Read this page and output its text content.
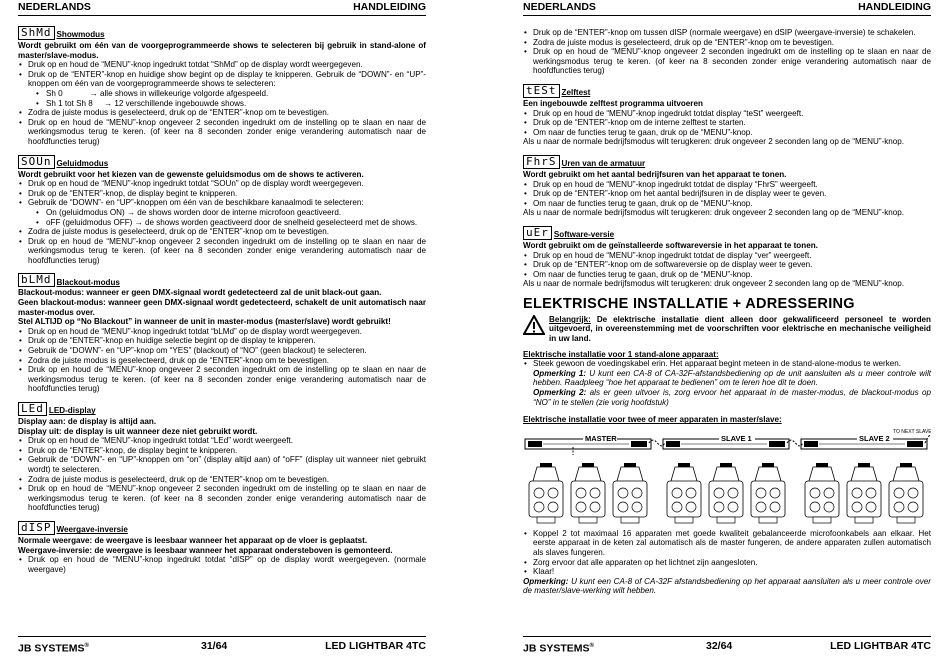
NEDERLANDS	HANDLEIDING
ShMd Showmodus

Wordt gebruikt om één van de voorgeprogrammeerde shows te selecteren bij gebruik in stand-alone of master/slave-modus.

• Druk op en houd de “MENU”-knop ingedrukt totdat “ShMd” op de display wordt weergegeven.
• Druk op de “ENTER”-knop en huidige show begint op de display te knipperen. Gebruik de “DOWN”- en “UP”-knoppen om één van de voorgeprogrammeerde shows te selecteren:
• Sh 0            → alle shows in willekeurige volgorde afgespeeld.
• Sh 1 tot Sh 8     → 12 verschillende ingebouwde shows.
• Zodra de juiste modus is geselecteerd, druk op de “ENTER”-knop om te bevestigen.
• Druk op en houd de “MENU”-knop ongeveer 2 seconden ingedrukt om de instelling op te slaan en naar de werkingsmodus terug te keren. (of keer na 8 seconden zonder enige verandering automatisch naar de hoofdfuncties terug)
SOUn Geluidmodus

Wordt gebruikt voor het kiezen van de gewenste geluidsmodus om de shows te activeren.

• Druk op en houd de “MENU”-knop ingedrukt totdat “SOUn” op de display wordt weergegeven.
• Druk op de “ENTER”-knop, de display begint te knipperen.
• Gebruik de “DOWN”- en “UP”-knoppen om één van de beschikbare kanaalmodi te selecteren:
• On (geluidmodus ON) → de shows worden door de interne microfoon geactiveerd.
• oFF (geluidmodus OFF) → de shows worden geactiveerd door de snelheid geselecteerd met de shows.
• Zodra de juiste modus is geselecteerd, druk op de “ENTER”-knop om te bevestigen.
• Druk op en houd de “MENU”-knop ongeveer 2 seconden ingedrukt om de instelling op te slaan en naar de werkingsmodus terug te keren. (of keer na 8 seconden zonder enige verandering automatisch naar de hoofdfuncties terug)
bLMd Blackout-modus

Blackout-modus: wanneer er geen DMX-signaal wordt gedetecteerd zal de unit black-out gaan.

Geen blackout-modus: wanneer geen DMX-signaal wordt gedetecteerd, schakelt de unit automatisch naar master-modus over.

Stel ALTIJD op “No Blackout” in wanneer de unit in master-modus (master/slave) wordt gebruikt!

• Druk op en houd de “MENU”-knop ingedrukt totdat “bLMd” op de display wordt weergegeven.
• Druk op de “ENTER”-knop en huidige selectie begint op de display te knipperen.
• Gebruik de “DOWN”- en “UP”-knop om “YES” (blackout) of “NO” (geen blackout) te selecteren.
• Zodra de juiste modus is geselecteerd, druk op de “ENTER”-knop om te bevestigen.
• Druk op en houd de “MENU”-knop ongeveer 2 seconden ingedrukt om de instelling op te slaan en naar de werkingsmodus terug te keren. (of keer na 8 seconden zonder enige verandering automatisch naar de hoofdfuncties terug)
LEd LED-display

Display aan: de display is altijd aan.

Display uit: de display is uit wanneer deze niet gebruikt wordt.

• Druk op en houd de “MENU”-knop ingedrukt totdat “LEd” wordt weergeeft.
• Druk op de “ENTER”-knop, de display begint te knipperen.
• Gebruik de “DOWN”- en “UP”-knoppen om “on” (display altijd aan) of “oFF” (display uit wanneer niet gebruikt wordt) te selecteren.
• Zodra de juiste modus is geselecteerd, druk op de “ENTER”-knop om te bevestigen.
• Druk op en houd de “MENU”-knop ongeveer 2 seconden ingedrukt om de instelling op te slaan en naar de werkingsmodus terug te keren. (of keer na 8 seconden zonder enige verandering automatisch naar de hoofdfuncties terug)
dISP Weergave-inversie

Normale weergave: de weergave is leesbaar wanneer het apparaat op de vloer is geplaatst.

Weergave-inversie: de weergave is leesbaar wanneer het apparaat ondersteboven is gemonteerd.

• Druk op en houd de “MENU”-knop ingedrukt totdat “dISP” op de display wordt weergegeven. (normale weergave)
JB SYSTEMS®	31/64	LED LIGHTBAR 4TC
NEDERLANDS	HANDLEIDING
• Druk op de “ENTER”-knop om tussen dISP (normale weergave) en dSIP (weergave-inversie) te schakelen.
• Zodra de juiste modus is geselecteerd, druk op de “ENTER”-knop om te bevestigen.
• Druk op en houd de “MENU”-knop ongeveer 2 seconden ingedrukt om de instelling op te slaan en naar de werkingsmodus terug te keren. (of keer na 8 seconden zonder enige verandering automatisch naar de hoofdfuncties terug)
tESt Zelftest

Een ingebouwde zelftest programma uitvoeren

• Druk op en houd de “MENU”-knop ingedrukt totdat display “teSt” weergeeft.
• Druk op de “ENTER”-knop om de interne zelftest te starten.
• Om naar de functies terug te gaan, druk op de “MENU”-knop.

Als u naar de normale bedrijfsmodus wilt terugkeren: druk ongeveer 2 seconden lang op de “MENU”-knop.

FhrS Uren van de armatuur

Wordt gebruikt om het aantal bedrijfsuren van het apparaat te tonen.

• Druk op en houd de “MENU”-knop ingedrukt totdat de display “FhrS” weergeeft.
• Druk op de “ENTER”-knop om het aantal bedrijfsuren in de display weer te geven.
• Om naar de functies terug te gaan, druk op de “MENU”-knop.

Als u naar de normale bedrijfsmodus wilt terugkeren: druk ongeveer 2 seconden lang op de “MENU”-knop.

uEr Software-versie

Wordt gebruikt om de geïnstalleerde softwareversie in het apparaat te tonen.

• Druk op en houd de “MENU”-knop ingedrukt totdat de display “ver” weergeeft.
• Druk op de “ENTER”-knop om de softwareversie op de display weer te geven.
• Om naar de functies terug te gaan, druk op de “MENU”-knop.

Als u naar de normale bedrijfsmodus wilt terugkeren: druk ongeveer 2 seconden lang op de “MENU”-knop.

ELEKTRISCHE INSTALLATIE + ADRESSERING

Belangrijk: De elektrische installatie dient alleen door gekwalificeerd personeel te worden uitgevoerd, in overeenstemming met de voorschriften voor elektrische en mechanische veiligheid in uw land.

Elektrische installatie voor 1 stand-alone apparaat:

• Steek gewoon de voedingskabel erin. Het apparaat begint meteen in de stand-alone-modus te werken.

Opmerking 1: U kunt een CA-8 of CA-32F-afstandsbediening op de unit aansluiten als u meer controle wilt hebben. Raadpleeg “hoe het apparaat te bedienen” om te leren hoe dit te doen.

Opmerking 2: als er geen uitvoer is, zorg ervoor het apparaat in de master-modus, de blackout-modus op “NO” in te stellen (zie vorig hoofdstuk)

Elektrische installatie voor twee of meer apparaten in master/slave:

MASTER	SLAVE 1	SLAVE 2
TO NEXT SLAVE
• Koppel 2 tot maximaal 16 apparaten met goede kwaliteit gebalanceerde microfoonkabels aan elkaar. Het eerste apparaat in de keten zal automatisch als de master fungeren, de andere apparaten zullen automatisch als slaves fungeren.
• Zorg ervoor dat alle apparaten op het lichtnet zijn aangesloten.
• Klaar!

Opmerking: U kunt een CA-8 of CA-32F afstandsbediening op het apparaat aansluiten als u meer controle over de master/slave-werking wilt hebben.

JB SYSTEMS®	32/64	LED LIGHTBAR 4TC
